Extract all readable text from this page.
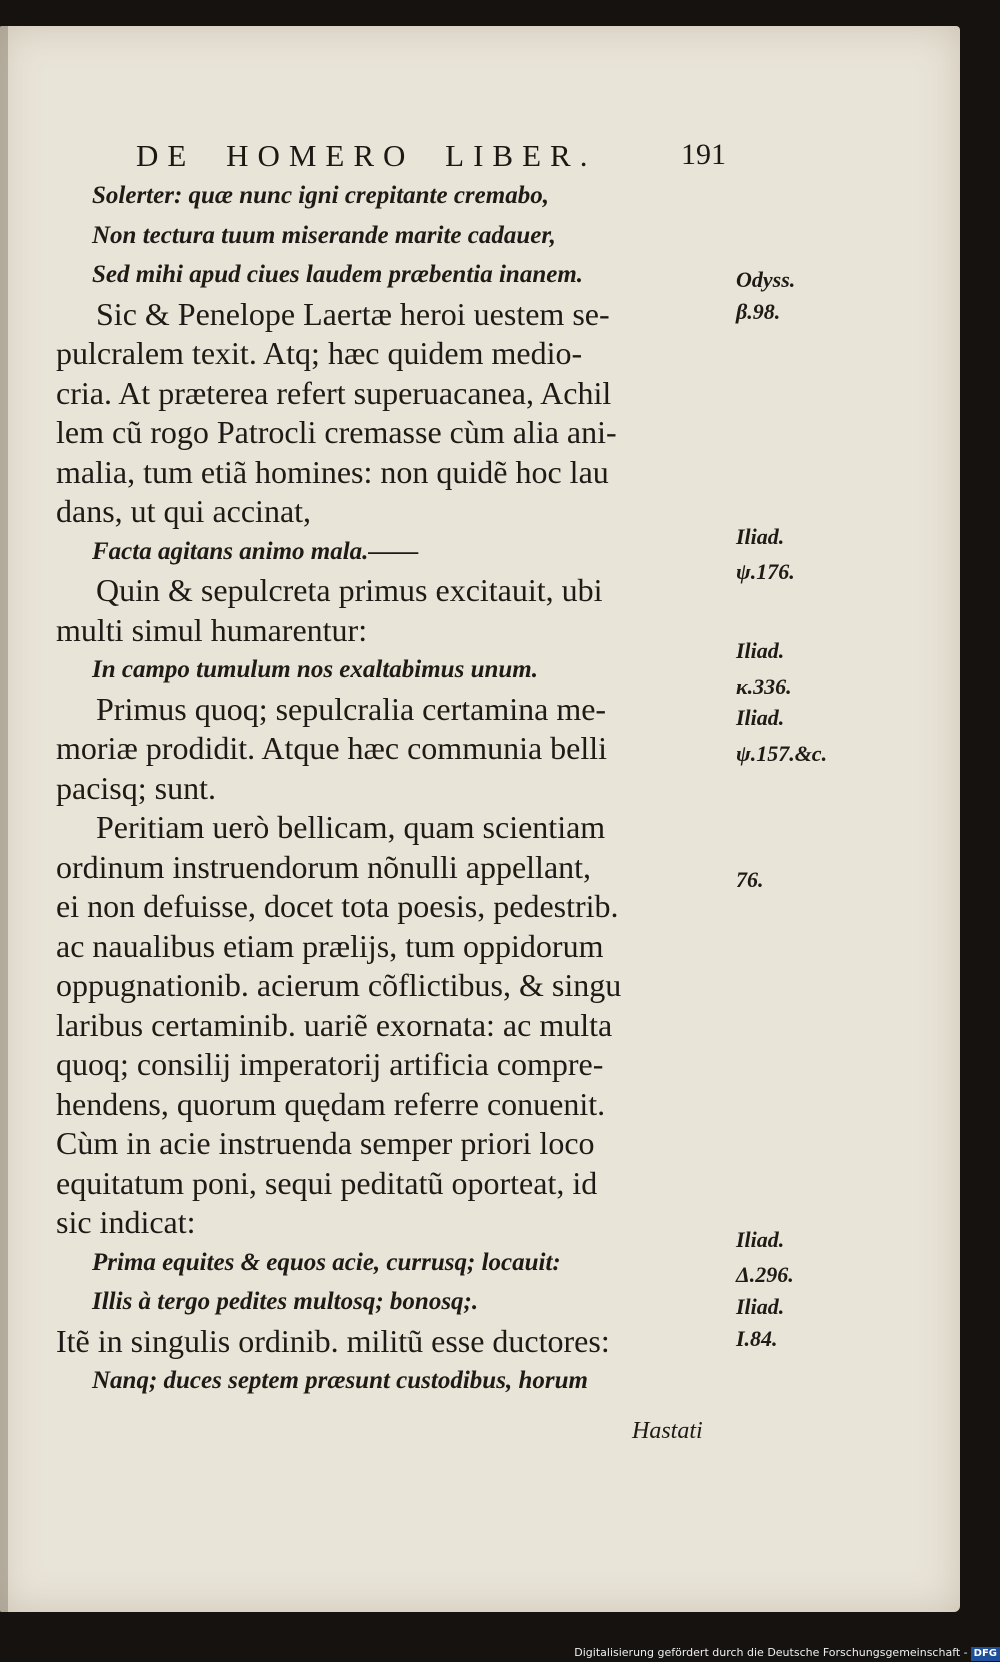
DE HOMERO LIBER.	191
Solerter: quæ nunc igni crepitante cremabo,
Non tectura tuum miserande marite cadauer,
Sed mihi apud ciues laudem præbentia inanem.
Sic & Penelope Laertæ heroi uestem se-
pulcralem texit. Atq; hæc quidem medio-
cria. At præterea refert superuacanea, Achil
lem cũ rogo Patrocli cremasse cùm alia ani-
malia, tum etiã homines: non quidẽ hoc lau
dans, ut qui accinat,
Facta agitans animo mala.——
Quin & sepulcreta primus excitauit, ubi
multi simul humarentur:
In campo tumulum nos exaltabimus unum.
Primus quoq; sepulcralia certamina me-
moriæ prodidit. Atque hæc communia belli
pacisq; sunt.
Peritiam uerò bellicam, quam scientiam
ordinum instruendorum nõnulli appellant,
ei non defuisse, docet tota poesis, pedestrib.
ac naualibus etiam prælijs, tum oppidorum
oppugnationib. acierum cõflictibus, & singu
laribus certaminib. uariẽ exornata: ac multa
quoq; consilij imperatorij artificia compre-
hendens, quorum quędam referre conuenit.
Cùm in acie instruenda semper priori loco
equitatum poni, sequi peditatũ oporteat, id
sic indicat:
Prima equites & equos acie, currusq; locauit:
Illis à tergo pedites multosq; bonosq;.
Itẽ in singulis ordinib. militũ esse ductores:
Nanq; duces septem præsunt custodibus, horum
Odyss.
β.98.
Iliad.
ψ.176.
Iliad.
κ.336.
Iliad.
ψ.157.&c.
76.
Iliad.
Δ.296.
Iliad.
Ι.84.
Hastati
Digitalisierung gefördert durch die Deutsche Forschungsgemeinschaft - DFG
